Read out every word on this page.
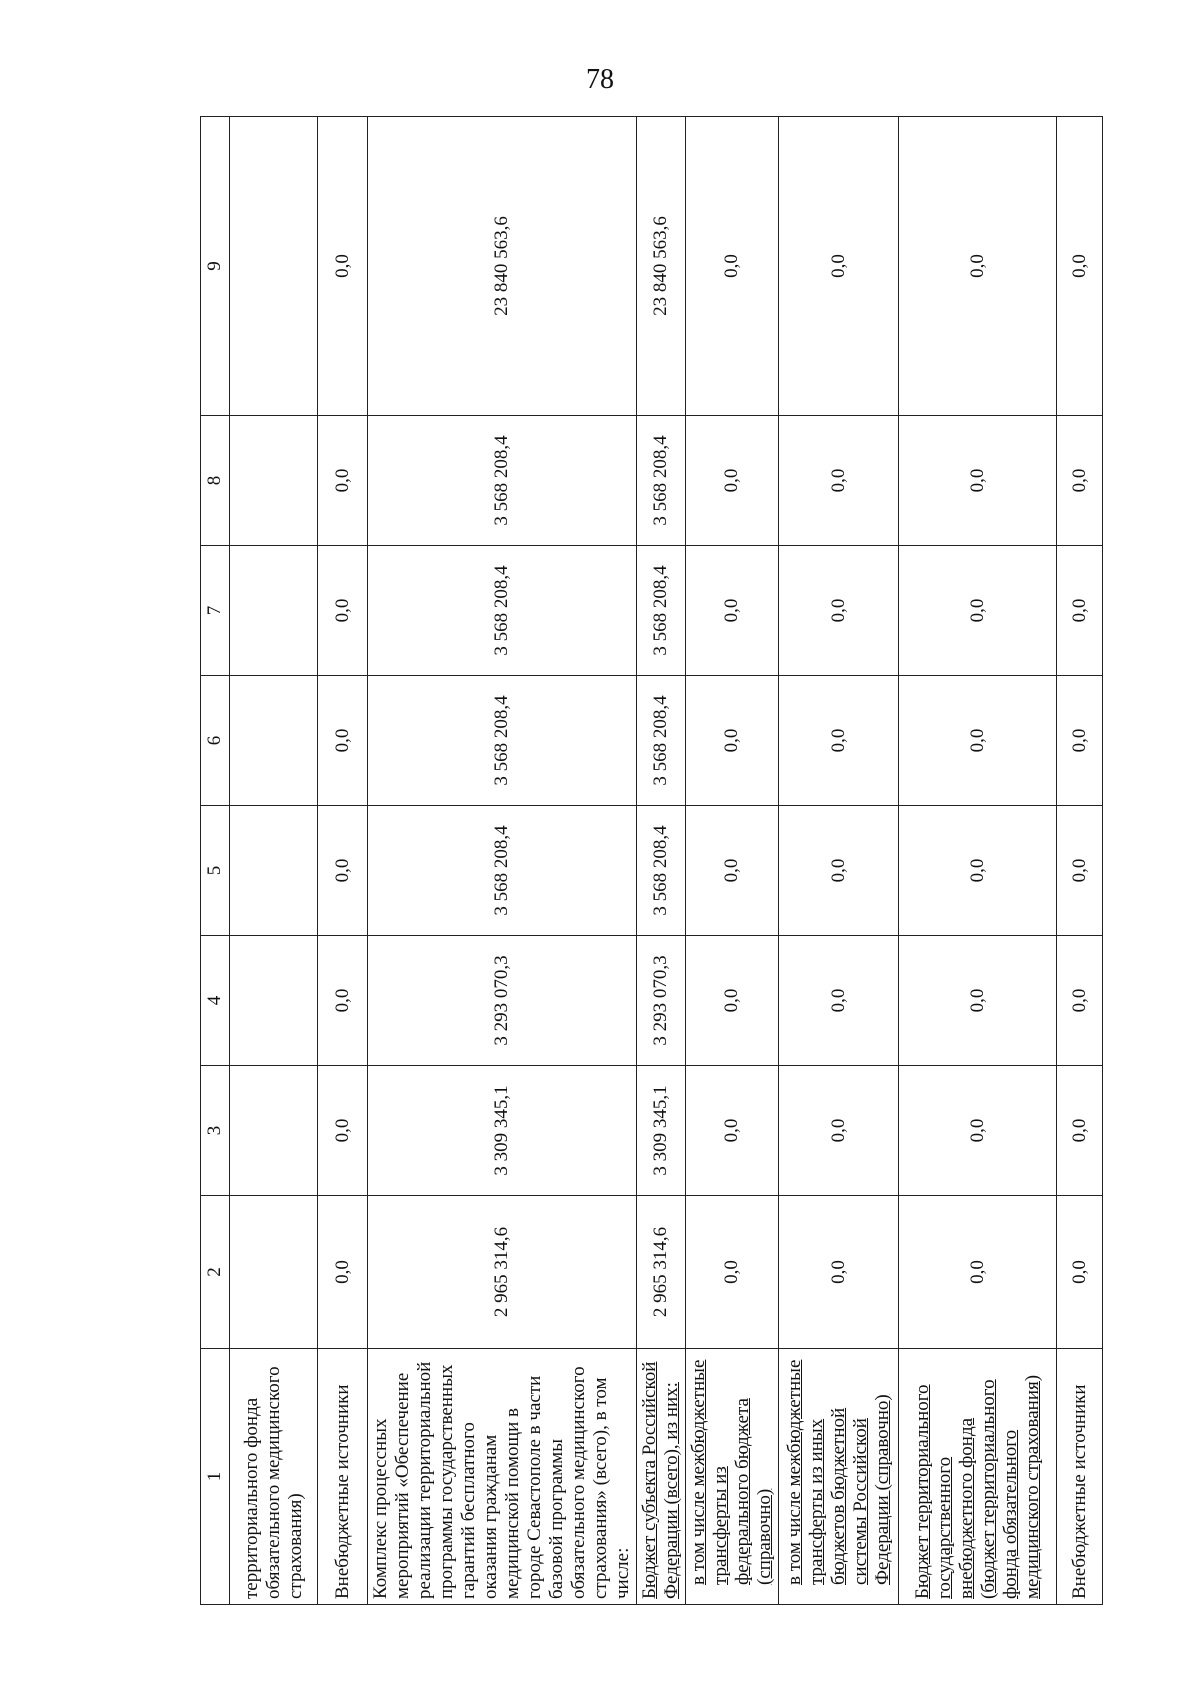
78
1	2	3	4	5	6	7	8	9
территориального фонда обязательного медицинского страхования)								
Внебюджетные источники	0,0	0,0	0,0	0,0	0,0	0,0	0,0	0,0
Комплекс процессных мероприятий «Обеспечение реализации территориальной программы государственных гарантий бесплатного оказания гражданам медицинской помощи в городе Севастополе в части базовой программы обязательного медицинского страхования» (всего), в том числе:	2 965 314,6	3 309 345,1	3 293 070,3	3 568 208,4	3 568 208,4	3 568 208,4	3 568 208,4	23 840 563,6
Бюджет субъекта Российской Федерации (всего), из них:	2 965 314,6	3 309 345,1	3 293 070,3	3 568 208,4	3 568 208,4	3 568 208,4	3 568 208,4	23 840 563,6

в том числе межбюджетные трансферты из федерального бюджета (справочно)	0,0	0,0	0,0	0,0	0,0	0,0	0,0	0,0

в том числе межбюджетные трансферты из иных бюджетов бюджетной системы Российской Федерации (справочно)	0,0	0,0	0,0	0,0	0,0	0,0	0,0	0,0
Бюджет территориального государственного внебюджетного фонда (бюджет территориального фонда обязательного медицинского страхования)	0,0	0,0	0,0	0,0	0,0	0,0	0,0	0,0
Внебюджетные источники	0,0	0,0	0,0	0,0	0,0	0,0	0,0	0,0
